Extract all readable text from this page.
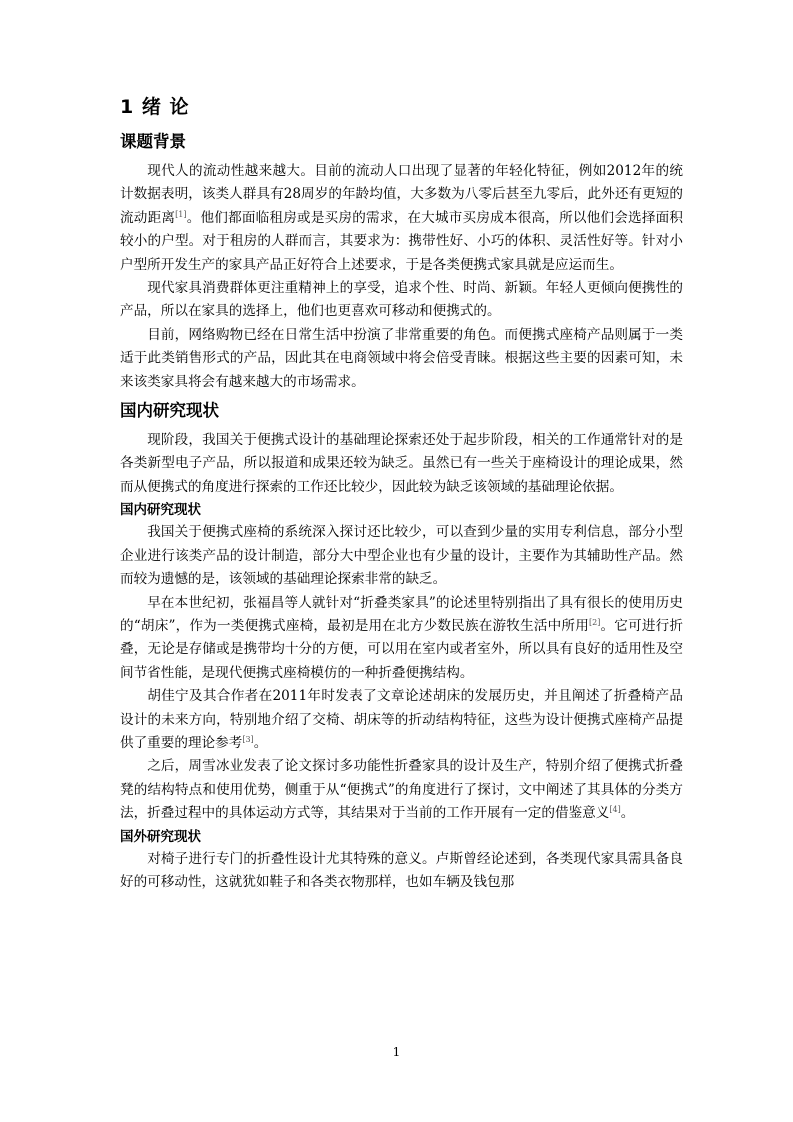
1 绪 论
课题背景

现代人的流动性越来越大。目前的流动人口出现了显著的年轻化特征，例如2012年的统计数据表明，该类人群具有28周岁的年龄均值，大多数为八零后甚至九零后，此外还有更短的流动距离[1]。他们都面临租房或是买房的需求，在大城市买房成本很高，所以他们会选择面积较小的户型。对于租房的人群而言，其要求为：携带性好、小巧的体积、灵活性好等。针对小户型所开发生产的家具产品正好符合上述要求，于是各类便携式家具就是应运而生。

现代家具消费群体更注重精神上的享受，追求个性、时尚、新颖。年轻人更倾向便携性的产品，所以在家具的选择上，他们也更喜欢可移动和便携式的。

目前，网络购物已经在日常生活中扮演了非常重要的角色。而便携式座椅产品则属于一类适于此类销售形式的产品，因此其在电商领域中将会倍受青睐。根据这些主要的因素可知，未来该类家具将会有越来越大的市场需求。

国内研究现状

现阶段，我国关于便携式设计的基础理论探索还处于起步阶段，相关的工作通常针对的是各类新型电子产品，所以报道和成果还较为缺乏。虽然已有一些关于座椅设计的理论成果，然而从便携式的角度进行探索的工作还比较少，因此较为缺乏该领域的基础理论依据。

国内研究现状

我国关于便携式座椅的系统深入探讨还比较少，可以查到少量的实用专利信息，部分小型企业进行该类产品的设计制造，部分大中型企业也有少量的设计，主要作为其辅助性产品。然而较为遗憾的是，该领域的基础理论探索非常的缺乏。

早在本世纪初，张福昌等人就针对“折叠类家具”的论述里特别指出了具有很长的使用历史的“胡床”，作为一类便携式座椅，最初是用在北方少数民族在游牧生活中所用[2]。它可进行折叠，无论是存储或是携带均十分的方便，可以用在室内或者室外，所以具有良好的适用性及空间节省性能，是现代便携式座椅模仿的一种折叠便携结构。

胡佳宁及其合作者在2011年时发表了文章论述胡床的发展历史，并且阐述了折叠椅产品设计的未来方向，特别地介绍了交椅、胡床等的折动结构特征，这些为设计便携式座椅产品提供了重要的理论参考[3]。

之后，周雪冰业发表了论文探讨多功能性折叠家具的设计及生产，特别介绍了便携式折叠凳的结构特点和使用优势，侧重于从“便携式”的角度进行了探讨，文中阐述了其具体的分类方法，折叠过程中的具体运动方式等，其结果对于当前的工作开展有一定的借鉴意义[4]。

国外研究现状

对椅子进行专门的折叠性设计尤其特殊的意义。卢斯曾经论述到，各类现代家具需具备良好的可移动性，这就犹如鞋子和各类衣物那样，也如车辆及钱包那

1
